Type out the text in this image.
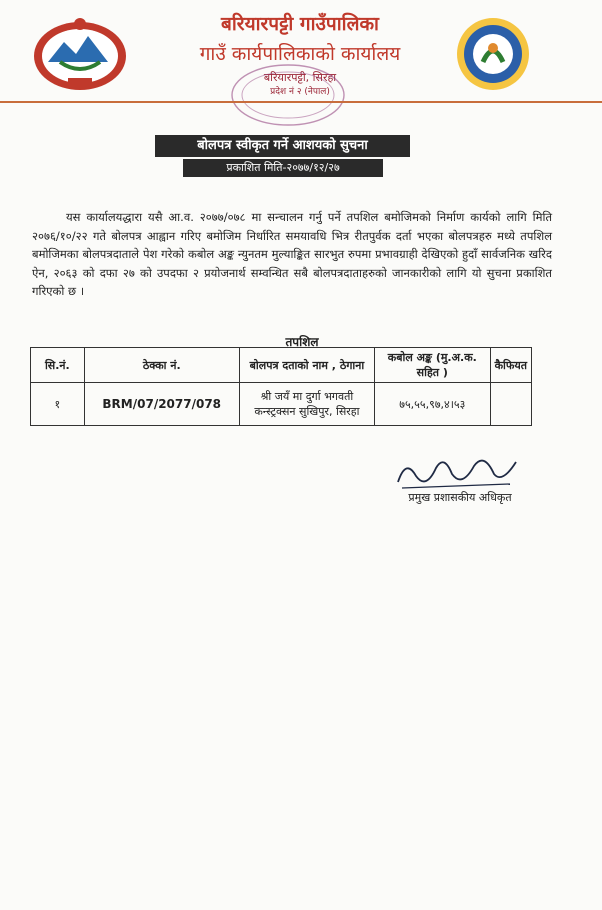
बरियारपट्टी गाउँपालिका
गाउँ कार्यपालिकाको कार्यालय
बरियारपट्टी, सिरहा
प्रदेश नं २ (नेपाल)
बोलपत्र स्वीकृत गर्ने आशयको सुचना
प्रकाशित मिति-२०७७/१२/२७
यस कार्यालयद्धारा यसै आ.व. २०७७/०७८ मा सन्चालन गर्नु पर्ने तपशिल बमोजिमको निर्माण कार्यको लागि मिति २०७६/१०/२२ गते बोलपत्र आह्वान गरिए बमोजिम निर्धारित समयावधि भित्र रीतपुर्वक दर्ता भएका बोलपत्रहरु मध्ये तपशिल बमोजिमका बोलपत्रदाताले पेश गरेको कबोल अङ्क न्युनतम मुल्याङ्कित सारभुत रुपमा प्रभावग्राही देखिएको हुदाँ सार्वजनिक खरिद ऐन, २०६३ को दफा २७ को उपदफा २ प्रयोजनार्थ सम्वन्धित सबै बोलपत्रदाताहरुको जानकारीको लागि यो सुचना प्रकाशित गरिएको छ ।
तपशिल
सि.नं.	ठेक्का नं.	बोलपत्र दताको नाम , ठेगाना	कबोल अङ्क (मु.अ.क. सहित )	कैफियत
१	BRM/07/2077/078	श्री जयँ मा दुर्गा भगवती कन्स्ट्रक्सन सुखिपुर, सिरहा	७५,५५,९७,४।५३	
प्रमुख प्रशासकीय अधिकृत
